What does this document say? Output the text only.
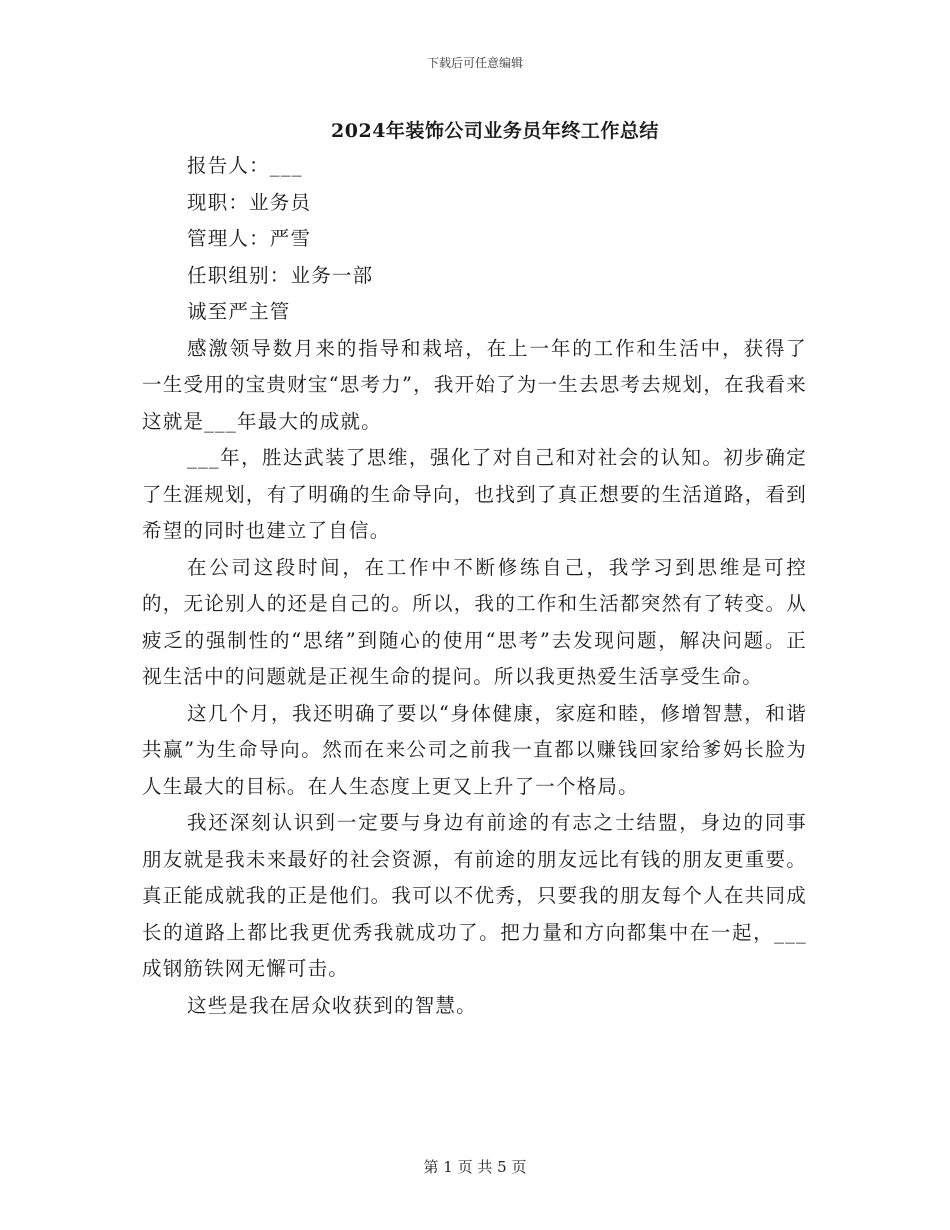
下载后可任意编辑
2024年装饰公司业务员年终工作总结

报告人：___

现职：业务员

管理人：严雪

任职组别：业务一部

诚至严主管

感激领导数月来的指导和栽培，在上一年的工作和生活中，获得了一生受用的宝贵财宝“思考力”，我开始了为一生去思考去规划，在我看来这就是___年最大的成就。

___年，胜达武装了思维，强化了对自己和对社会的认知。初步确定了生涯规划，有了明确的生命导向，也找到了真正想要的生活道路，看到希望的同时也建立了自信。

在公司这段时间，在工作中不断修练自己，我学习到思维是可控的，无论别人的还是自己的。所以，我的工作和生活都突然有了转变。从疲乏的强制性的“思绪”到随心的使用“思考”去发现问题，解决问题。正视生活中的问题就是正视生命的提问。所以我更热爱生活享受生命。

这几个月，我还明确了要以“身体健康，家庭和睦，修增智慧，和谐共赢”为生命导向。然而在来公司之前我一直都以赚钱回家给爹妈长脸为人生最大的目标。在人生态度上更又上升了一个格局。

我还深刻认识到一定要与身边有前途的有志之士结盟，身边的同事朋友就是我未来最好的社会资源，有前途的朋友远比有钱的朋友更重要。真正能成就我的正是他们。我可以不优秀，只要我的朋友每个人在共同成长的道路上都比我更优秀我就成功了。把力量和方向都集中在一起，___成钢筋铁网无懈可击。

这些是我在居众收获到的智慧。

第 1 页 共 5 页
